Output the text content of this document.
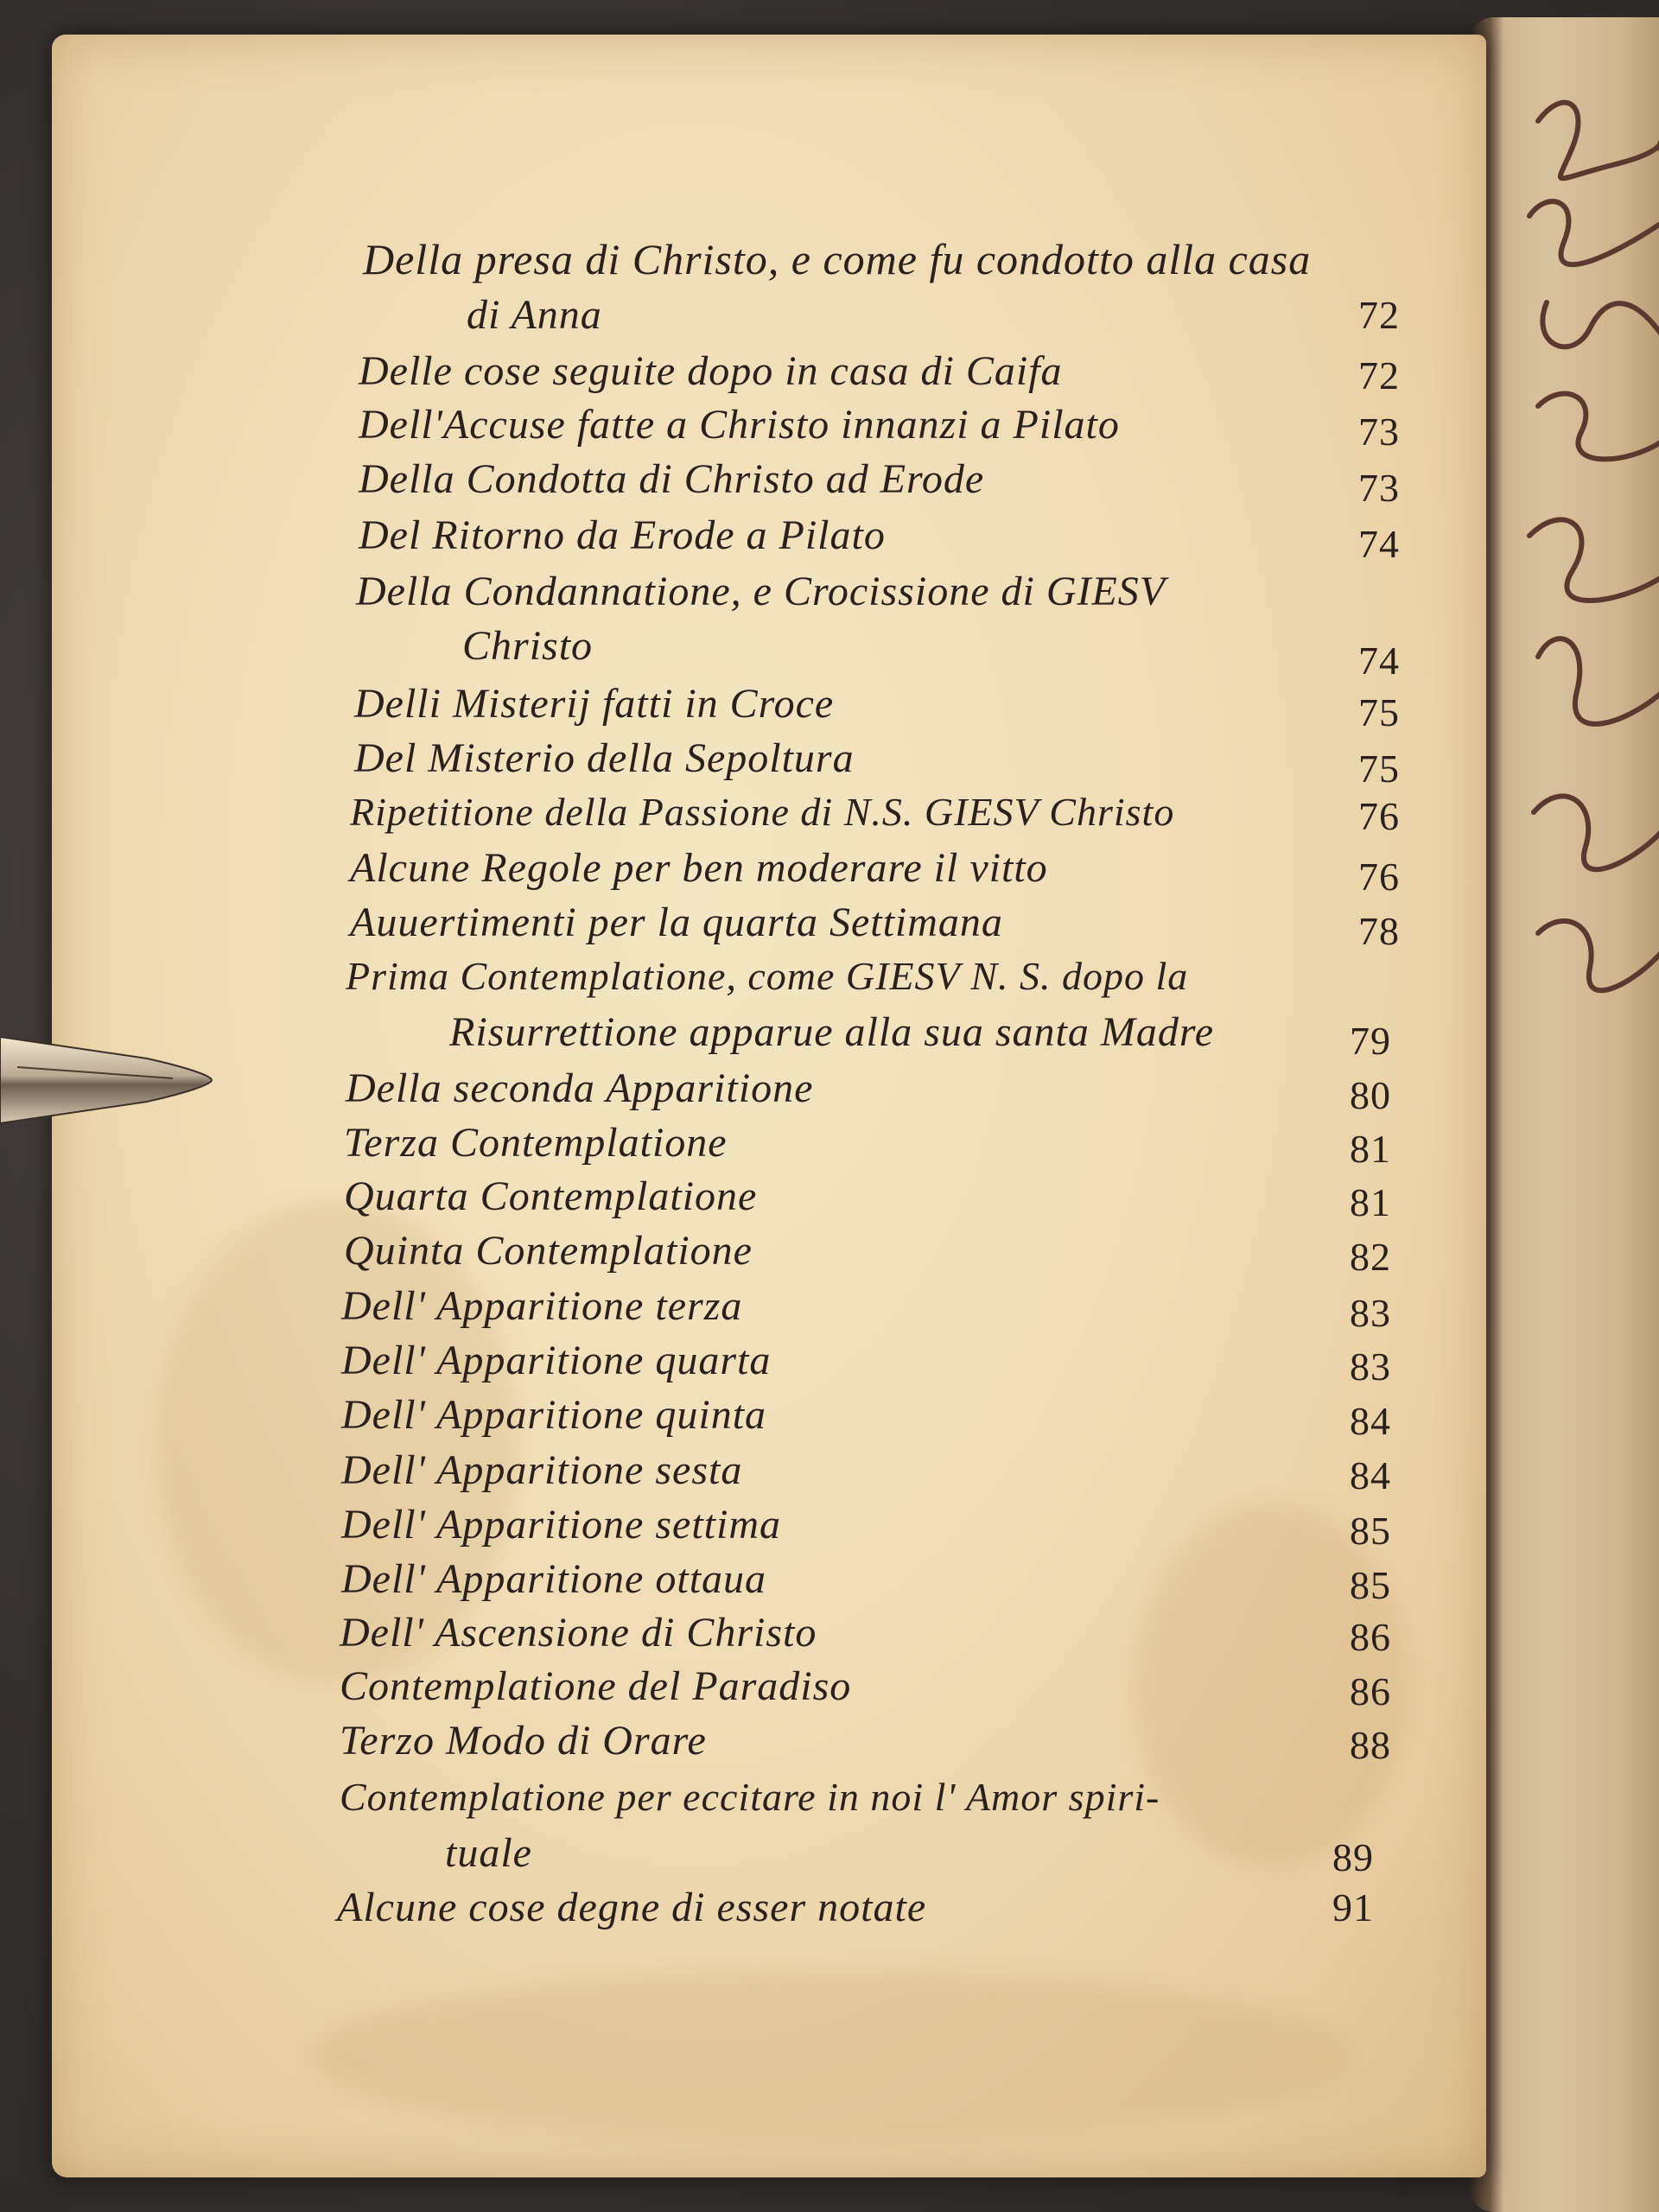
Della presa di Christo, e come fu condotto alla casa
di Anna	72
Delle cose seguite dopo in casa di Caifa	72
Dell'Accuse fatte a Christo innanzi a Pilato	73
Della Condotta di Christo ad Erode	73
Del Ritorno da Erode a Pilato	74
Della Condannatione, e Crocissione di GIESV
Christo	74
Delli Misterij fatti in Croce	75
Del Misterio della Sepoltura	75
Ripetitione della Passione di N.S. GIESV Christo	76
Alcune Regole per ben moderare il vitto	76
Auuertimenti per la quarta Settimana	78
Prima Contemplatione, come GIESV N. S. dopo la
Risurrettione apparue alla sua santa Madre	79
Della seconda Apparitione	80
Terza Contemplatione	81
Quarta Contemplatione	81
Quinta Contemplatione	82
Dell' Apparitione terza	83
Dell' Apparitione quarta	83
Dell' Apparitione quinta	84
Dell' Apparitione sesta	84
Dell' Apparitione settima	85
Dell' Apparitione ottaua	85
Dell' Ascensione di Christo	86
Contemplatione del Paradiso	86
Terzo Modo di Orare	88
Contemplatione per eccitare in noi l' Amor spiri-
tuale	89
Alcune cose degne di esser notate	91
